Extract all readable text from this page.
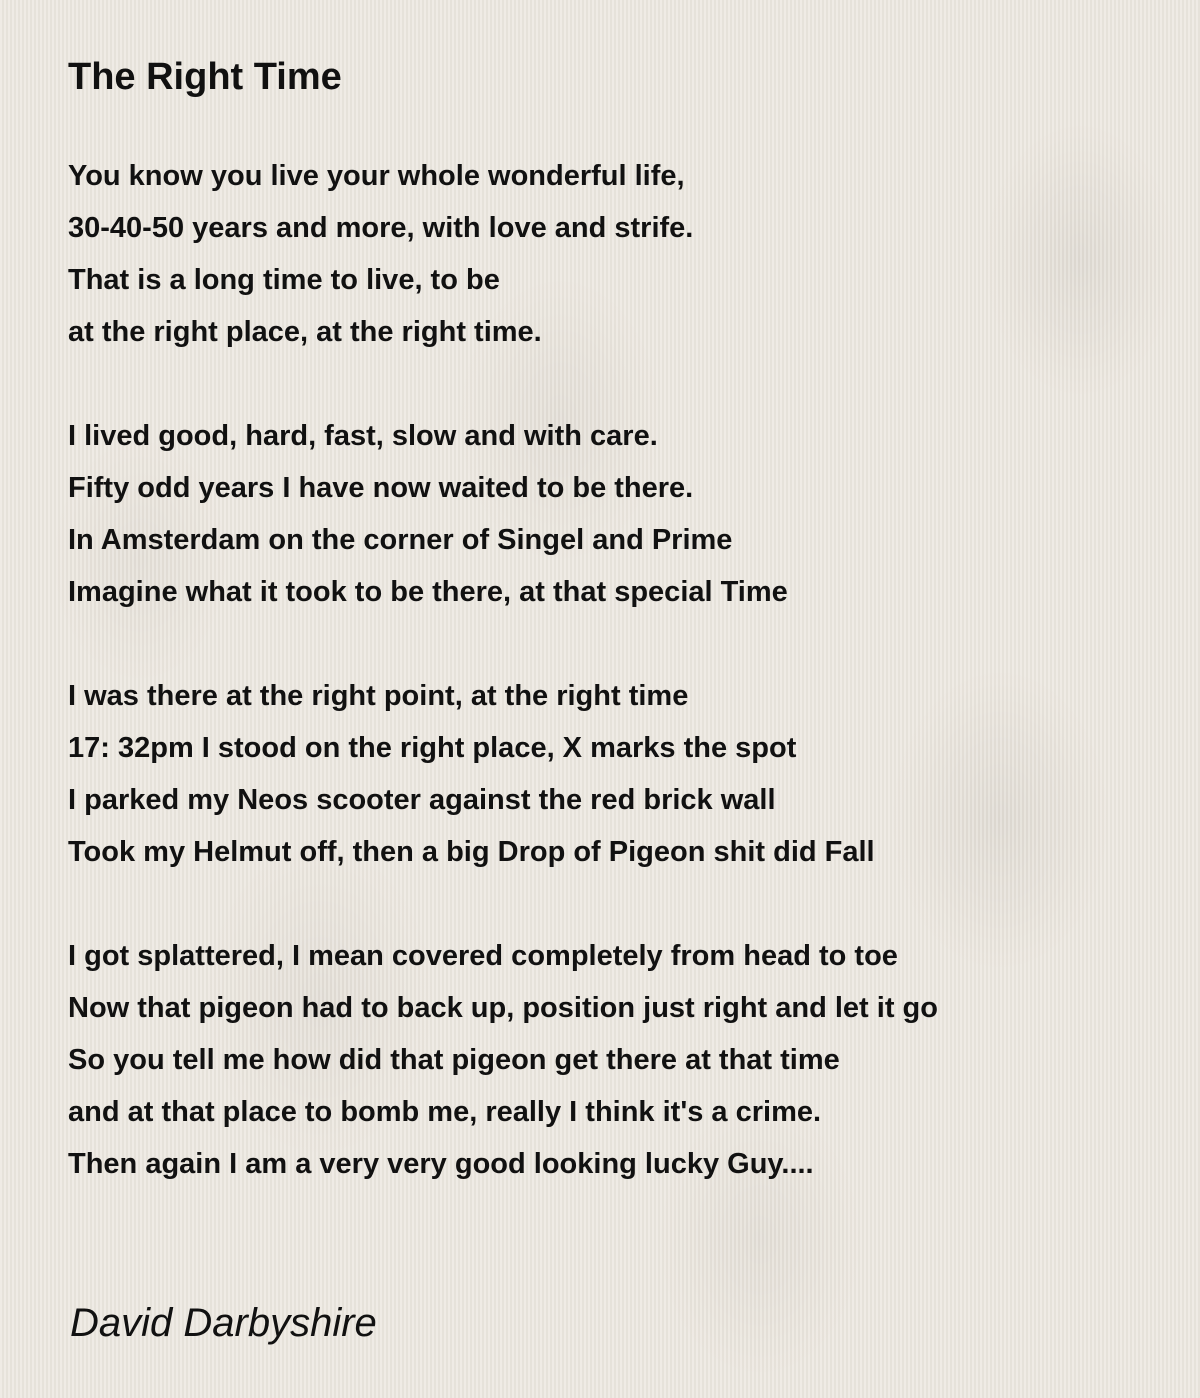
The Right Time
You know you live your whole wonderful life,
30-40-50 years and more, with love and strife.
That is a long time to live, to be
at the right place, at the right time.
I lived good, hard, fast, slow and with care.
Fifty odd years I have now waited to be there.
In Amsterdam on the corner of Singel and Prime
Imagine what it took to be there, at that special Time
I was there at the right point, at the right time
17: 32pm I stood on the right place, X marks the spot
I parked my Neos scooter against the red brick wall
Took my Helmut off, then a big Drop of Pigeon shit did Fall
I got splattered, I mean covered completely from head to toe
Now that pigeon had to back up, position just right and let it go
So you tell me how did that pigeon get there at that time
and at that place to bomb me, really I think it's a crime.
Then again I am a very very good looking lucky Guy....
David Darbyshire
